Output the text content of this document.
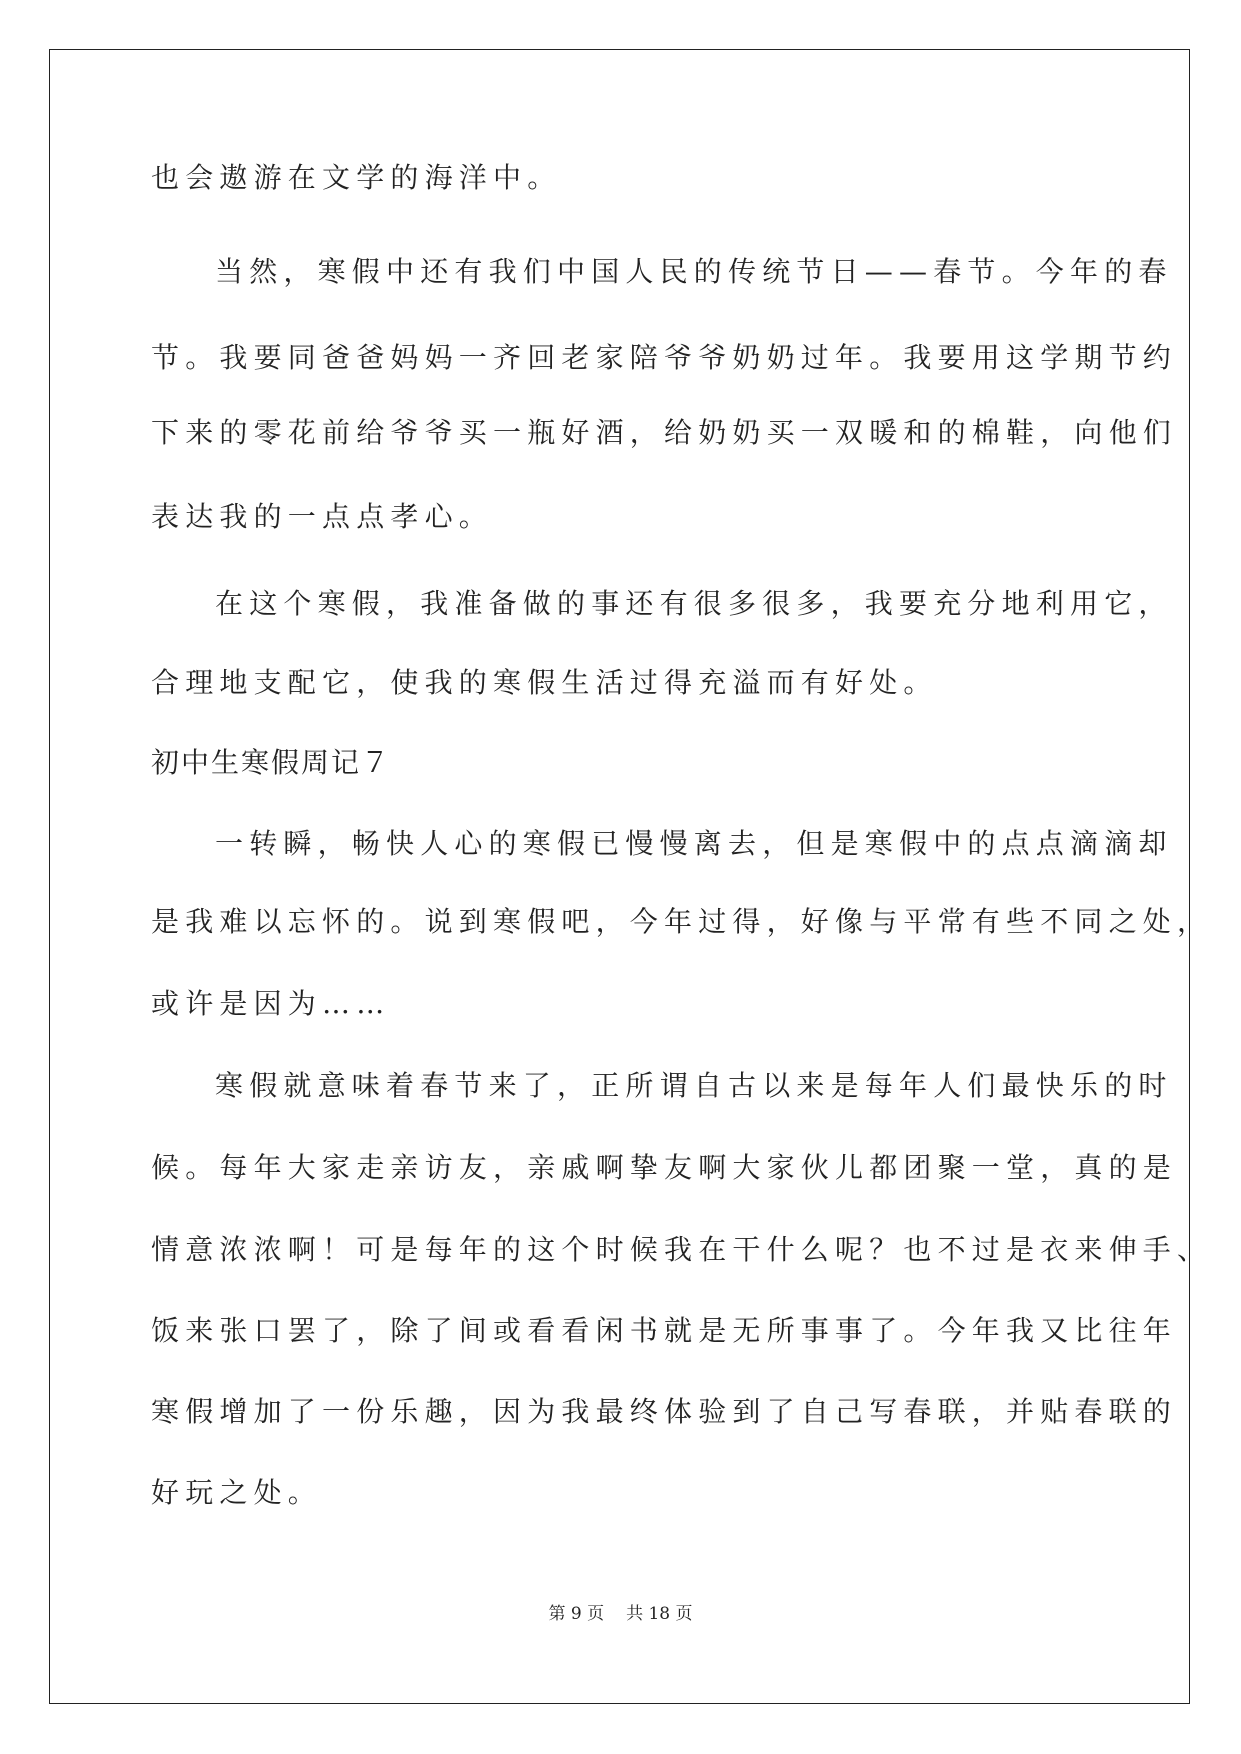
也会遨游在文学的海洋中。

当然，寒假中还有我们中国人民的传统节日——春节。今年的春

节。我要同爸爸妈妈一齐回老家陪爷爷奶奶过年。我要用这学期节约

下来的零花前给爷爷买一瓶好酒，给奶奶买一双暖和的棉鞋，向他们

表达我的一点点孝心。

在这个寒假，我准备做的事还有很多很多，我要充分地利用它，

合理地支配它，使我的寒假生活过得充溢而有好处。

初中生寒假周记７

一转瞬，畅快人心的寒假已慢慢离去，但是寒假中的点点滴滴却

是我难以忘怀的。说到寒假吧，今年过得，好像与平常有些不同之处，

或许是因为……

寒假就意味着春节来了，正所谓自古以来是每年人们最快乐的时

候。每年大家走亲访友，亲戚啊挚友啊大家伙儿都团聚一堂，真的是

情意浓浓啊！可是每年的这个时候我在干什么呢？也不过是衣来伸手、

饭来张口罢了，除了间或看看闲书就是无所事事了。今年我又比往年

寒假增加了一份乐趣，因为我最终体验到了自己写春联，并贴春联的

好玩之处。

第 9 页 共 18 页
